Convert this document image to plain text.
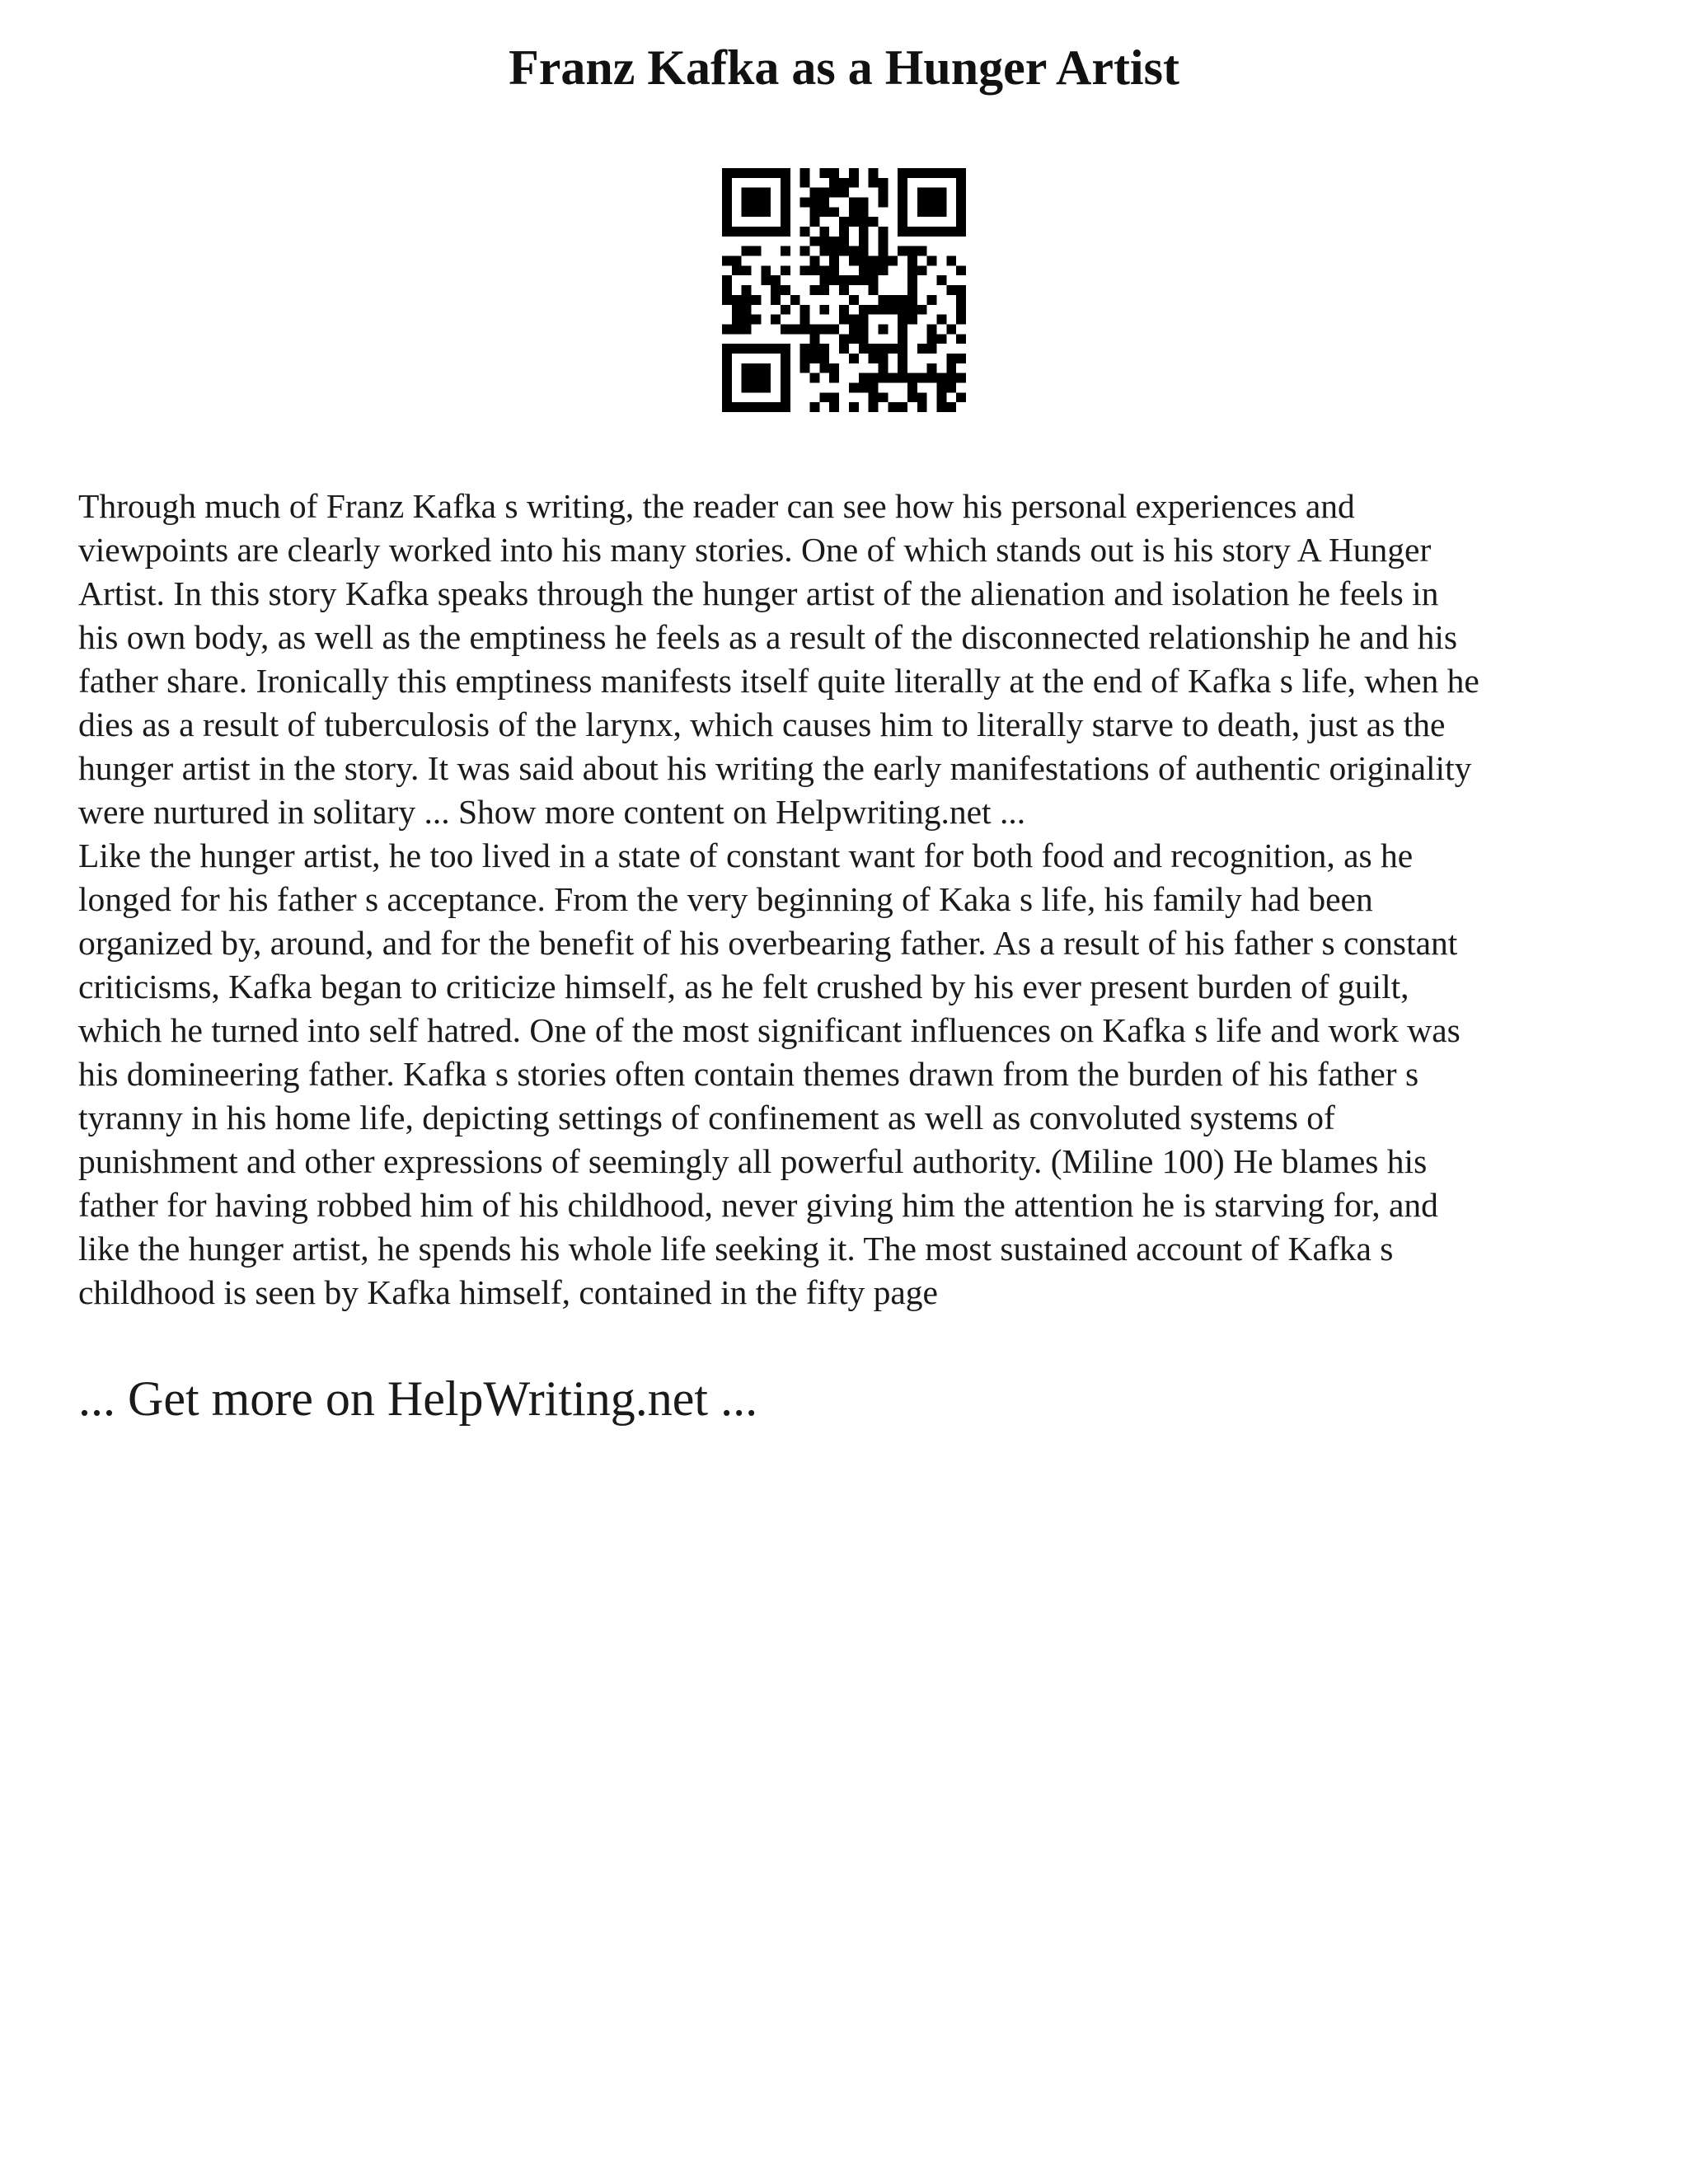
Franz Kafka as a Hunger Artist

Through much of Franz Kafka s writing, the reader can see how his personal experiences and
viewpoints are clearly worked into his many stories. One of which stands out is his story A Hunger
Artist. In this story Kafka speaks through the hunger artist of the alienation and isolation he feels in
his own body, as well as the emptiness he feels as a result of the disconnected relationship he and his
father share. Ironically this emptiness manifests itself quite literally at the end of Kafka s life, when he
dies as a result of tuberculosis of the larynx, which causes him to literally starve to death, just as the
hunger artist in the story. It was said about his writing the early manifestations of authentic originality
were nurtured in solitary ... Show more content on Helpwriting.net ...

Like the hunger artist, he too lived in a state of constant want for both food and recognition, as he
longed for his father s acceptance. From the very beginning of Kaka s life, his family had been
organized by, around, and for the benefit of his overbearing father. As a result of his father s constant
criticisms, Kafka began to criticize himself, as he felt crushed by his ever present burden of guilt,
which he turned into self hatred. One of the most significant influences on Kafka s life and work was
his domineering father. Kafka s stories often contain themes drawn from the burden of his father s
tyranny in his home life, depicting settings of confinement as well as convoluted systems of
punishment and other expressions of seemingly all powerful authority. (Miline 100) He blames his
father for having robbed him of his childhood, never giving him the attention he is starving for, and
like the hunger artist, he spends his whole life seeking it. The most sustained account of Kafka s
childhood is seen by Kafka himself, contained in the fifty page

... Get more on HelpWriting.net ...
